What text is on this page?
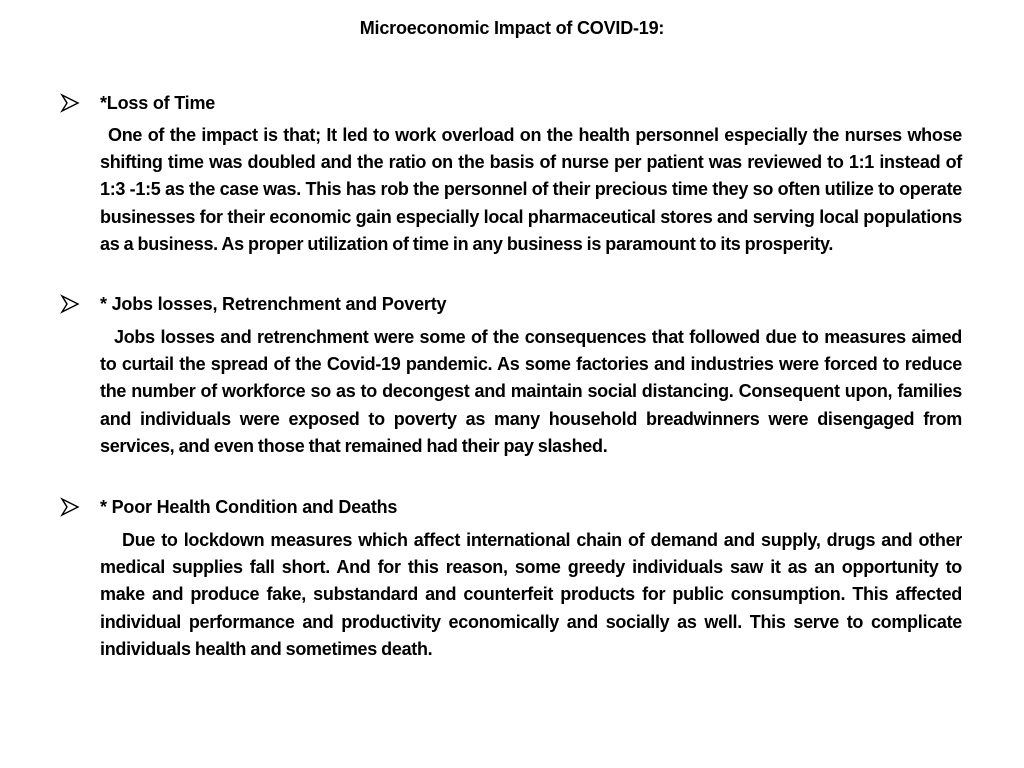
Microeconomic Impact of COVID-19:
*Loss of Time
One of the impact is that; It led to work overload on the health personnel especially the nurses whose shifting time was doubled and the ratio on the basis of nurse per patient was reviewed to 1:1 instead of 1:3 -1:5 as the case was. This has rob the personnel of their precious time they so often utilize to operate businesses for their economic gain especially local pharmaceutical stores and serving local populations as a business. As proper utilization of time in any business is paramount to its prosperity.
* Jobs losses, Retrenchment and Poverty
Jobs losses and retrenchment were some of the consequences that followed due to measures aimed to curtail the spread of the Covid-19 pandemic. As some factories and industries were forced to reduce the number of workforce so as to decongest and maintain social distancing. Consequent upon, families and individuals were exposed to poverty as many household breadwinners were disengaged from services, and even those that remained had their pay slashed.
* Poor Health Condition and Deaths
Due to lockdown measures which affect international chain of demand and supply, drugs and other medical supplies fall short. And for this reason, some greedy individuals saw it as an opportunity to make and produce fake, substandard and counterfeit products for public consumption. This affected individual performance and productivity economically and socially as well. This serve to complicate individuals health and sometimes death.
